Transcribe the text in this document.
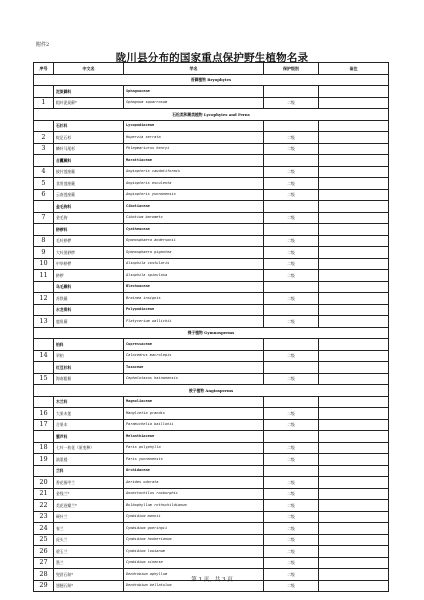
附件2
陇川县分布的国家重点保护野生植物名录
序号	中文名	学名	保护级别	备注
苔藓植物 Bryophytes				
	泥炭藓科	Sphagnaceae		
1	粗叶泥炭藓*	Sphagnum squarrosum	二级	
石松类和蕨类植物 Lycophytes and Ferns				
	石杉科	Lycopodiaceae		
2	蛇足石杉	Huperzia serrata	二级	
3	鳞叶马尾杉	Phlegmariurus henryi	二级	
	合囊蕨科	Marattiaceae		
4	披针莲座蕨	Angiopteris caudatiformis	二级	
5	食用莲座蕨	Angiopteris esculenta	二级	
6	云南莲座蕨	Angiopteris yunnanensis	二级	
	金毛狗科	Cibotiaceae		
7	金毛狗	Cibotium barometz	二级	
	桫椤科	Cyatheaceae		
8	毛叶桫椤	Gymnosphaera andersonii	二级	
9	大叶黑桫椤	Gymnosphaera gigantea	二级	
10	中华桫椤	Alsophila costularis	二级	
11	桫椤	Alsophila spinulosa	二级	
	乌毛蕨科	Blechnaceae		
12	苏铁蕨	Brainea insignis	二级	
	水龙骨科	Polypodiaceae		
13	鹿角蕨	Platycerium wallichii	二级	
裸子植物 Gymnosperms				
	柏科	Cupressaceae		
14	翠柏	Calocedrus macrolepis	二级	
	红豆杉科	Taxaceae		
15	海南粗榧	Cephalotaxus hainanensis	二级	
被子植物 Angiosperms				
	木兰科	Magnoliaceae		
16	大果木莲	Manglietia grandis	二级	
17	合果木	Paramichelia baillonii	二级	
	藜芦科	Melanthiaceae		
18	七叶一枝花（原变种）	Paris polyphylla	二级	
19	滇重楼	Paris yunnanensis	二级	
	兰科	Orchidaceae		
20	香花指甲兰	Aerides odorata	二级	
21	金线兰*	Anoectochilus roxburghii	二级	
22	美花卷瓣兰*	Bulbophyllum rothschildianum	二级	
23	硬叶兰	Cymbidium mannii	二级	
24	春兰	Cymbidium goeringii	二级	
25	虎头兰	Cymbidium hookerianum	二级	
26	碧玉兰	Cymbidium lowianum	二级	
27	墨兰	Cymbidium sinense	二级	
28	兜唇石斛*	Dendrobium aphyllum	二级	
29	翅梗石斛*	Dendrobium bellatulum	二级	
第 1 页，共 3 页
